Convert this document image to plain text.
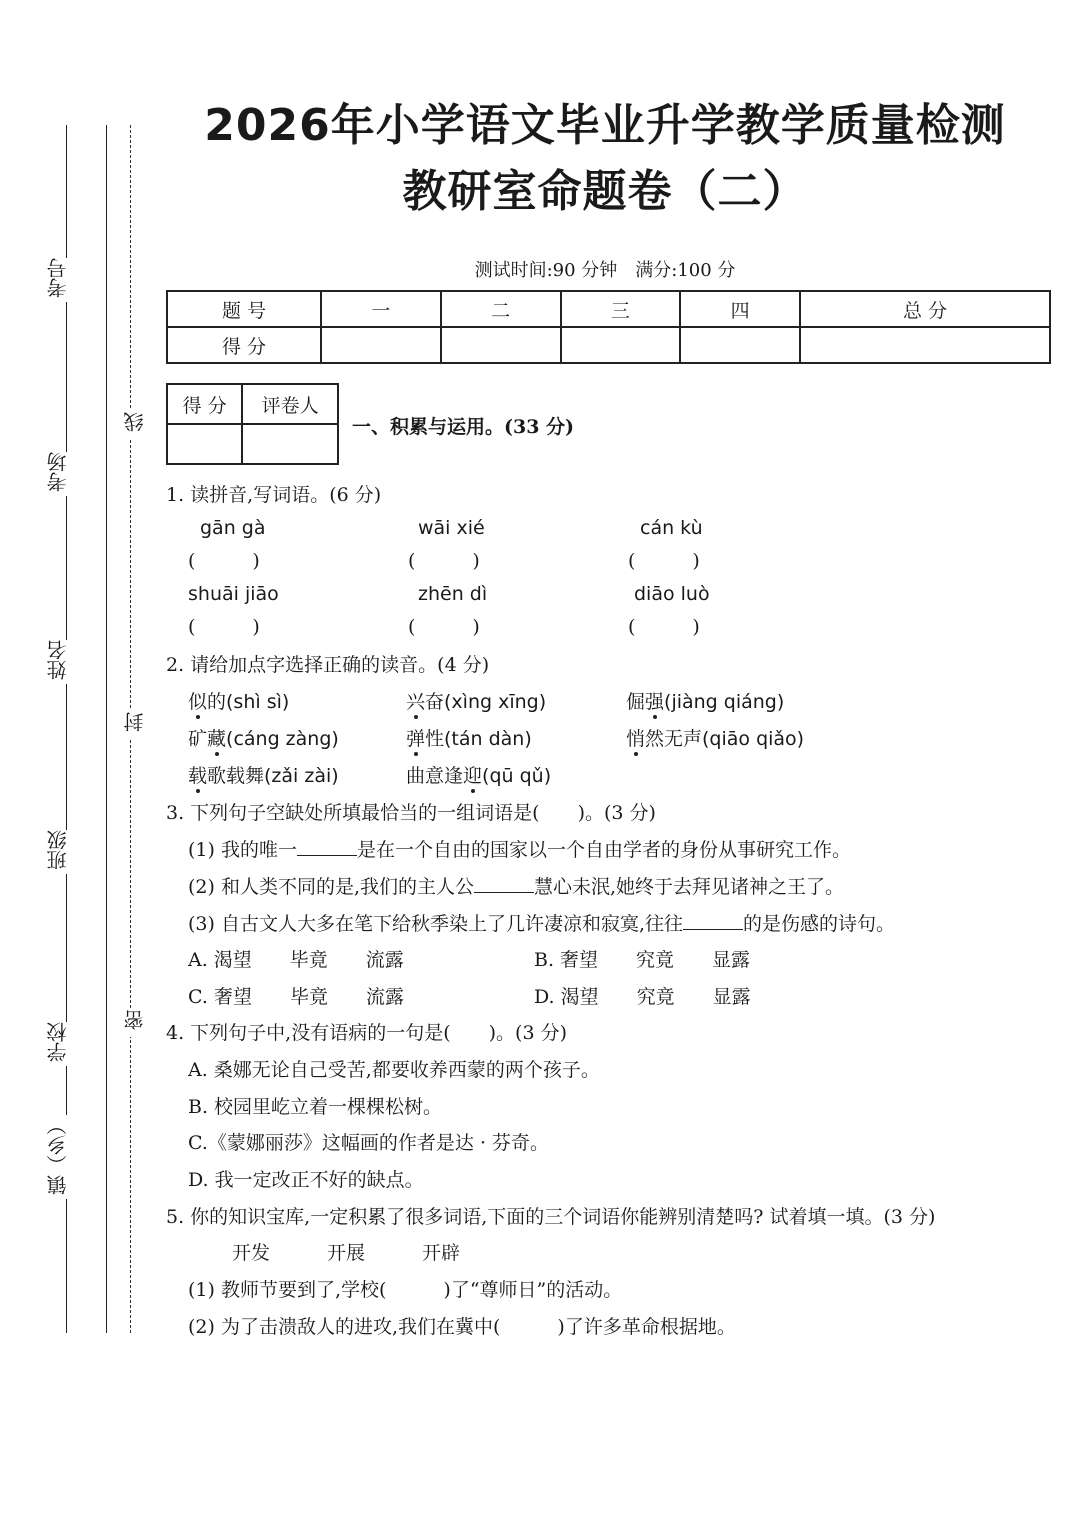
考号
考场
姓名
班级
学校
镇（乡）
线
封
密
2026年小学语文毕业升学教学质量检测
教研室命题卷（二）
测试时间:90 分钟　满分:100 分
题 号	一	二	三	四	总 分
得 分					
得 分	评卷人

一、积累与运用。(33 分)
1. 读拼音,写词语。(6 分)
gān gà	wāi xié	cán kù
(　　　)	(　　　)	(　　　)
shuāi jiāo	zhēn dì	diāo luò
(　　　)	(　　　)	(　　　)
2. 请给加点字选择正确的读音。(4 分)
似的(shì sì)	兴奋(xìng xīng)	倔强(jiàng qiáng)
矿藏(cáng zàng)	弹性(tán dàn)	悄然无声(qiāo qiǎo)
载歌载舞(zǎi zài)	曲意逢迎(qū qǔ)
3. 下列句子空缺处所填最恰当的一组词语是(　　)。(3 分)
(1) 我的唯一	是在一个自由的国家以一个自由学者的身份从事研究工作。
(2) 和人类不同的是,我们的主人公	慧心未泯,她终于去拜见诸神之王了。
(3) 自古文人大多在笔下给秋季染上了几许凄凉和寂寞,往往	的是伤感的诗句。
A. 渴望　　毕竟　　流露	B. 奢望　　究竟　　显露
C. 奢望　　毕竟　　流露	D. 渴望　　究竟　　显露
4. 下列句子中,没有语病的一句是(　　)。(3 分)
A. 桑娜无论自己受苦,都要收养西蒙的两个孩子。
B. 校园里屹立着一棵棵松树。
C.《蒙娜丽莎》这幅画的作者是达 · 芬奇。
D. 我一定改正不好的缺点。
5. 你的知识宝库,一定积累了很多词语,下面的三个词语你能辨别清楚吗? 试着填一填。(3 分)
开发　　　开展　　　开辟
(1) 教师节要到了,学校(　　　)了“尊师日”的活动。
(2) 为了击溃敌人的进攻,我们在冀中(　　　)了许多革命根据地。
